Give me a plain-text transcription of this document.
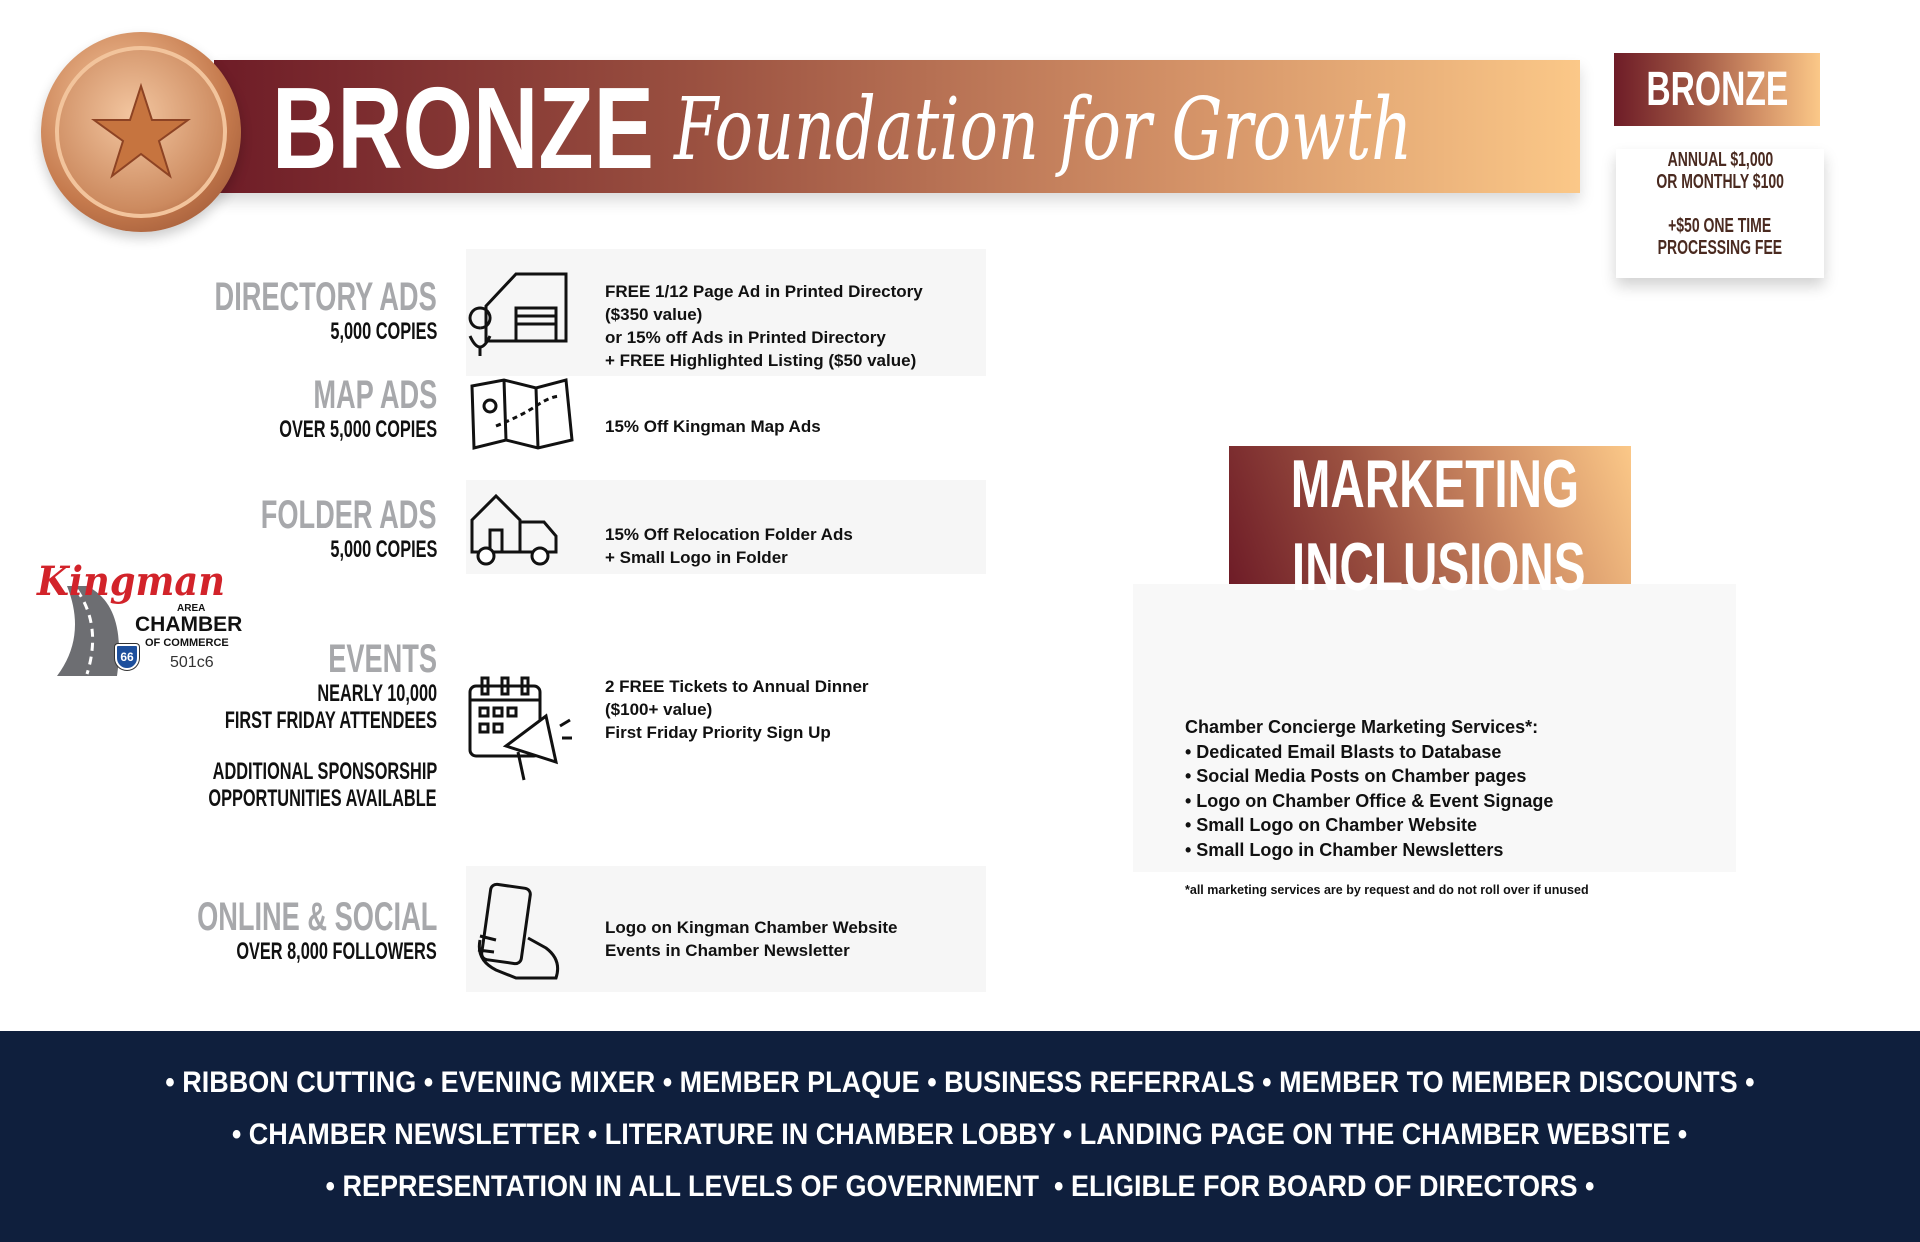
BRONZE Foundation for Growth	BRONZE
ANNUAL $1,000
OR MONTHLY $100
+$50 ONE TIME
PROCESSING FEE
DIRECTORY ADS
5,000 COPIES
MAP ADS
OVER 5,000 COPIES
FOLDER ADS
5,000 COPIES
EVENTS
NEARLY 10,000
FIRST FRIDAY ATTENDEES
ADDITIONAL SPONSORSHIP
OPPORTUNITIES AVAILABLE
ONLINE & SOCIAL
OVER 8,000 FOLLOWERS
FREE 1/12 Page Ad in Printed Directory
($350 value)
or 15% off Ads in Printed Directory
+ FREE Highlighted Listing ($50 value)
15% Off Kingman Map Ads
15% Off Relocation Folder Ads
+ Small Logo in Folder
2 FREE Tickets to Annual Dinner
($100+ value)
First Friday Priority Sign Up
Logo on Kingman Chamber Website
Events in Chamber Newsletter
Kingman
AREA
CHAMBER
OF COMMERCE
66	501c6
MARKETING
INCLUSIONS
Chamber Concierge Marketing Services*:
• Dedicated Email Blasts to Database
• Social Media Posts on Chamber pages
• Logo on Chamber Office & Event Signage
• Small Logo on Chamber Website
• Small Logo in Chamber Newsletters
*all marketing services are by request and do not roll over if unused
• RIBBON CUTTING • EVENING MIXER • MEMBER PLAQUE • BUSINESS REFERRALS • MEMBER TO MEMBER DISCOUNTS •
• CHAMBER NEWSLETTER • LITERATURE IN CHAMBER LOBBY • LANDING PAGE ON THE CHAMBER WEBSITE •
• REPRESENTATION IN ALL LEVELS OF GOVERNMENT  • ELIGIBLE FOR BOARD OF DIRECTORS •
